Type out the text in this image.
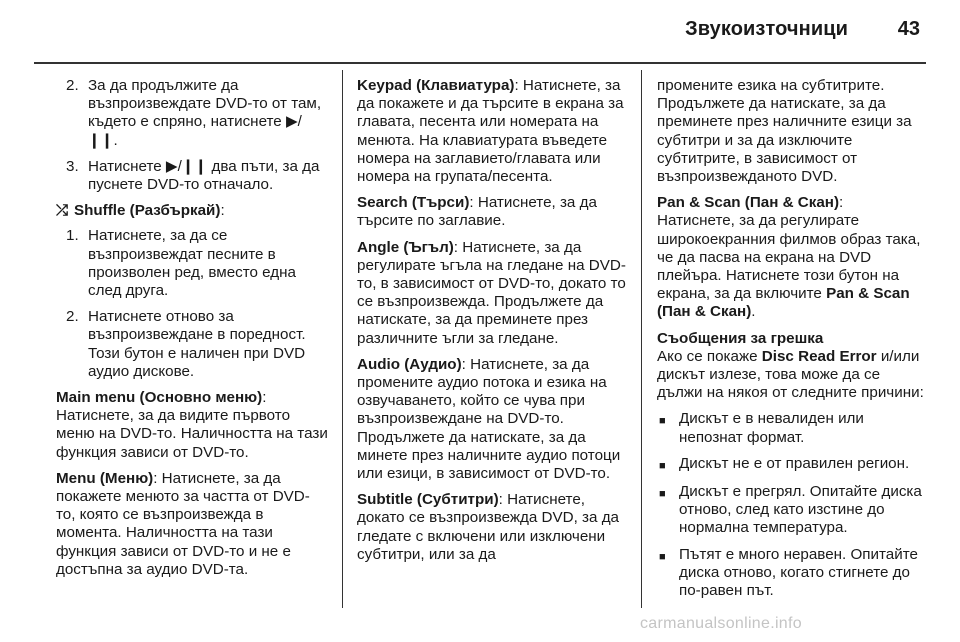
Звукоизточници 43
2. За да продължите да възпроизвеждате DVD-то от там, където е спряно, натиснете ▶/❙❙.
3. Натиснете ▶/❙❙ два пъти, за да пуснете DVD-то отначало.
⤮ Shuffle (Разбъркай) :
1. Натиснете, за да се възпроизвеждат песните в произволен ред, вместо една след друга.
2. Натиснете отново за възпроизвеждане в поредност. Този бутон е наличен при DVD аудио дискове.

Main menu (Основно меню): Натиснете, за да видите първото меню на DVD-то. Наличността на тази функция зависи от DVD-то.

Menu (Меню): Натиснете, за да покажете менюто за частта от DVD-то, която се възпроизвежда в момента. Наличността на тази функция зависи от DVD-то и не е достъпна за аудио DVD-та.

Keypad (Клавиатура): Натиснете, за да покажете и да търсите в екрана за главата, песента или номерата на менюта. На клавиатурата въведете номера на заглавието/главата или номера на групата/песента.

Search (Търси): Натиснете, за да търсите по заглавие.

Angle (Ъгъл): Натиснете, за да регулирате ъгъла на гледане на DVD-то, в зависимост от DVD-то, докато то се възпроизвежда. Продължете да натискате, за да преминете през различните ъгли за гледане.

Audio (Аудио): Натиснете, за да промените аудио потока и езика на озвучаването, който се чува при възпроизвеждане на DVD-то. Продължете да натискате, за да минете през наличните аудио потоци или езици, в зависимост от DVD-то.

Subtitle (Субтитри): Натиснете, докато се възпроизвежда DVD, за да гледате с включени или изключени субтитри, или за да

промените езика на субтитрите. Продължете да натискате, за да преминете през наличните езици за субтитри и за да изключите субтитрите, в зависимост от възпроизвежданото DVD.

Pan & Scan (Пан & Скан):
Натиснете, за да регулирате широкоекранния филмов образ така, че да пасва на екрана на DVD плейъра. Натиснете този бутон на екрана, за да включите Pan & Scan (Пан & Скан).

Съобщения за грешка
Ако се покаже Disc Read Error и/или дискът излезе, това може да се дължи на някоя от следните причини:

■ Дискът е в невалиден или непознат формат.
■ Дискът не е от правилен регион.
■ Дискът е прегрял. Опитайте диска отново, след като изстине до нормална температура.
■ Пътят е много неравен. Опитайте диска отново, когато стигнете до по-равен път.
carmanualsonline.info
